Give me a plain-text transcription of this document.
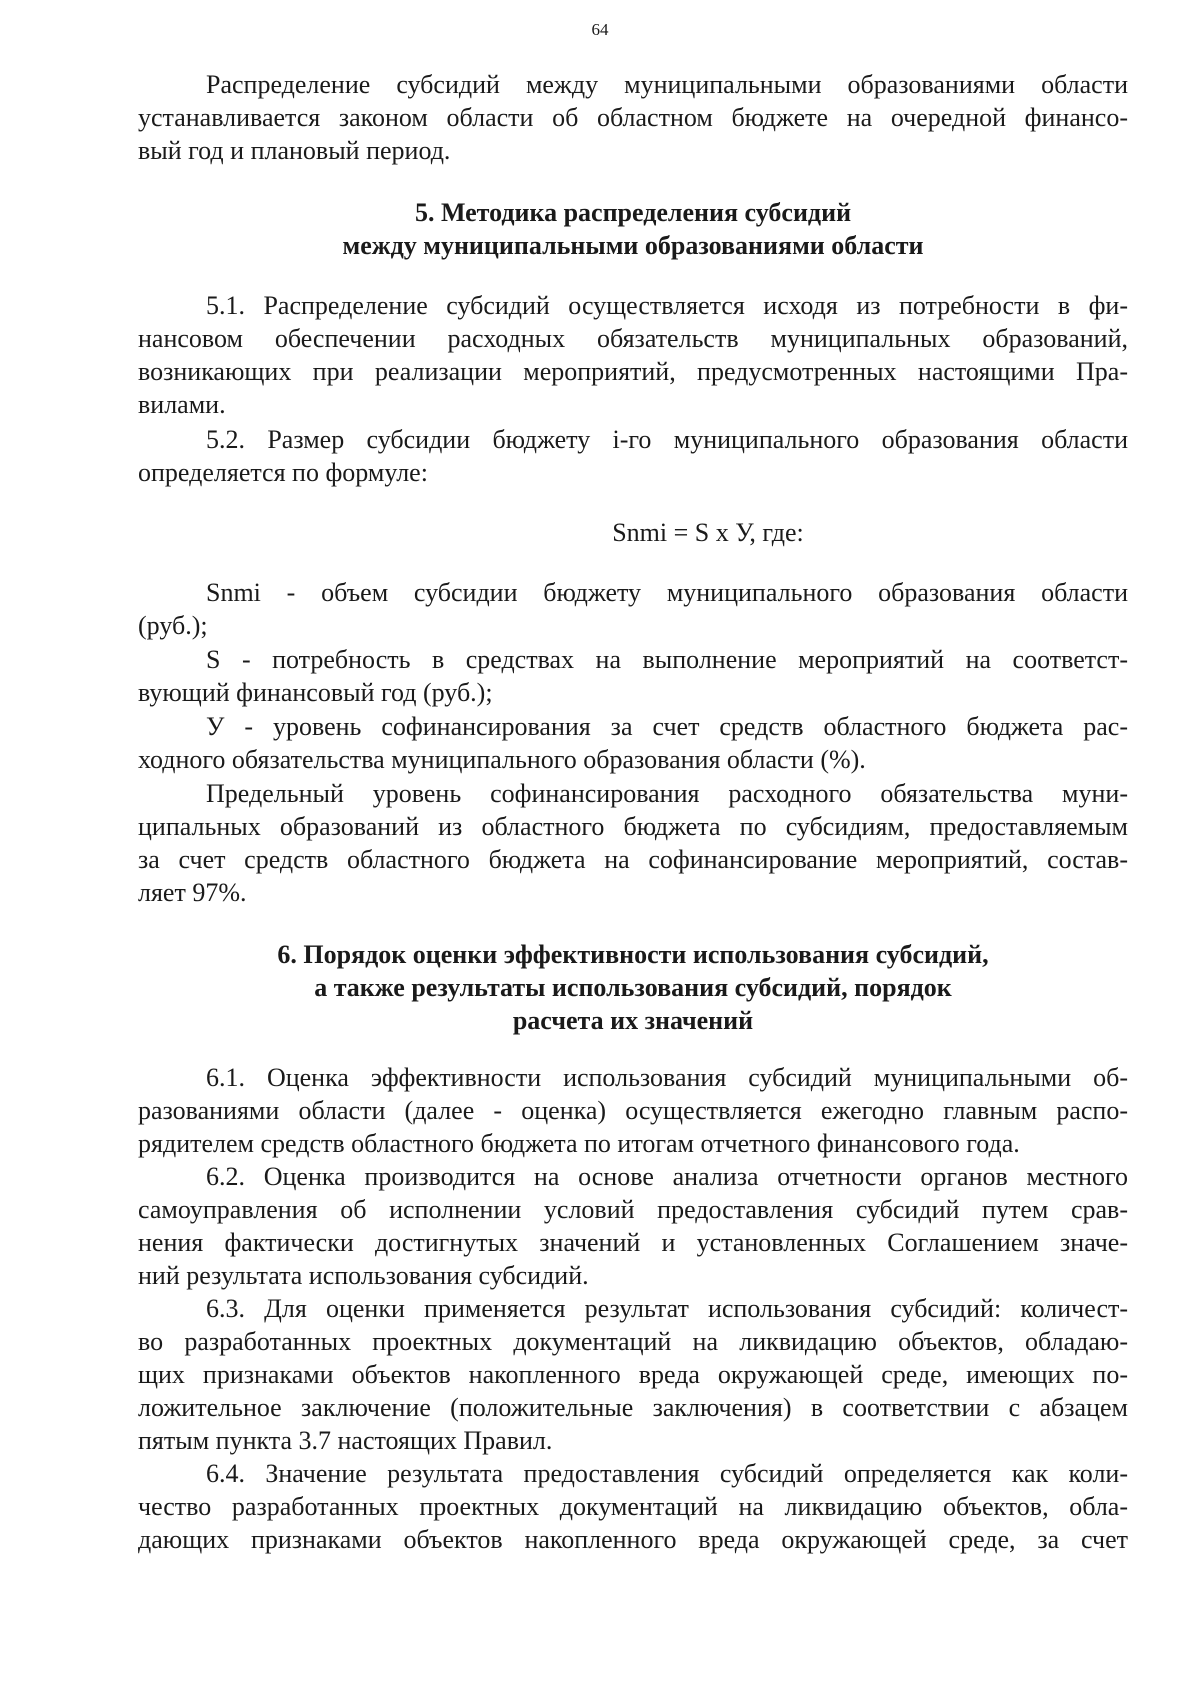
64
Распределение субсидий между муниципальными образованиями области
устанавливается законом области об областном бюджете на очередной финансо-
вый год и плановый период.
5. Методика распределения субсидий
между муниципальными образованиями области
5.1. Распределение субсидий осуществляется исходя из потребности в фи-
нансовом обеспечении расходных обязательств муниципальных образований,
возникающих при реализации мероприятий, предусмотренных настоящими Пра-
вилами.
5.2. Размер субсидии бюджету i-го муниципального образования области
определяется по формуле:
Snmi = S х У, где:
Snmi - объем субсидии бюджету муниципального образования области
(руб.);
S - потребность в средствах на выполнение мероприятий на соответст-
вующий финансовый год (руб.);
У - уровень софинансирования за счет средств областного бюджета рас-
ходного обязательства муниципального образования области (%).
Предельный уровень софинансирования расходного обязательства муни-
ципальных образований из областного бюджета по субсидиям, предоставляемым
за счет средств областного бюджета на софинансирование мероприятий, состав-
ляет 97%.
6. Порядок оценки эффективности использования субсидий,
а также результаты использования субсидий, порядок
расчета их значений
6.1. Оценка эффективности использования субсидий муниципальными об-
разованиями области (далее - оценка) осуществляется ежегодно главным распо-
рядителем средств областного бюджета по итогам отчетного финансового года.
6.2. Оценка производится на основе анализа отчетности органов местного
самоуправления об исполнении условий предоставления субсидий путем срав-
нения фактически достигнутых значений и установленных Соглашением значе-
ний результата использования субсидий.
6.3. Для оценки применяется результат использования субсидий: количест-
во разработанных проектных документаций на ликвидацию объектов, обладаю-
щих признаками объектов накопленного вреда окружающей среде, имеющих по-
ложительное заключение (положительные заключения) в соответствии с абзацем
пятым пункта 3.7 настоящих Правил.
6.4. Значение результата предоставления субсидий определяется как коли-
чество разработанных проектных документаций на ликвидацию объектов, обла-
дающих признаками объектов накопленного вреда окружающей среде, за счет
